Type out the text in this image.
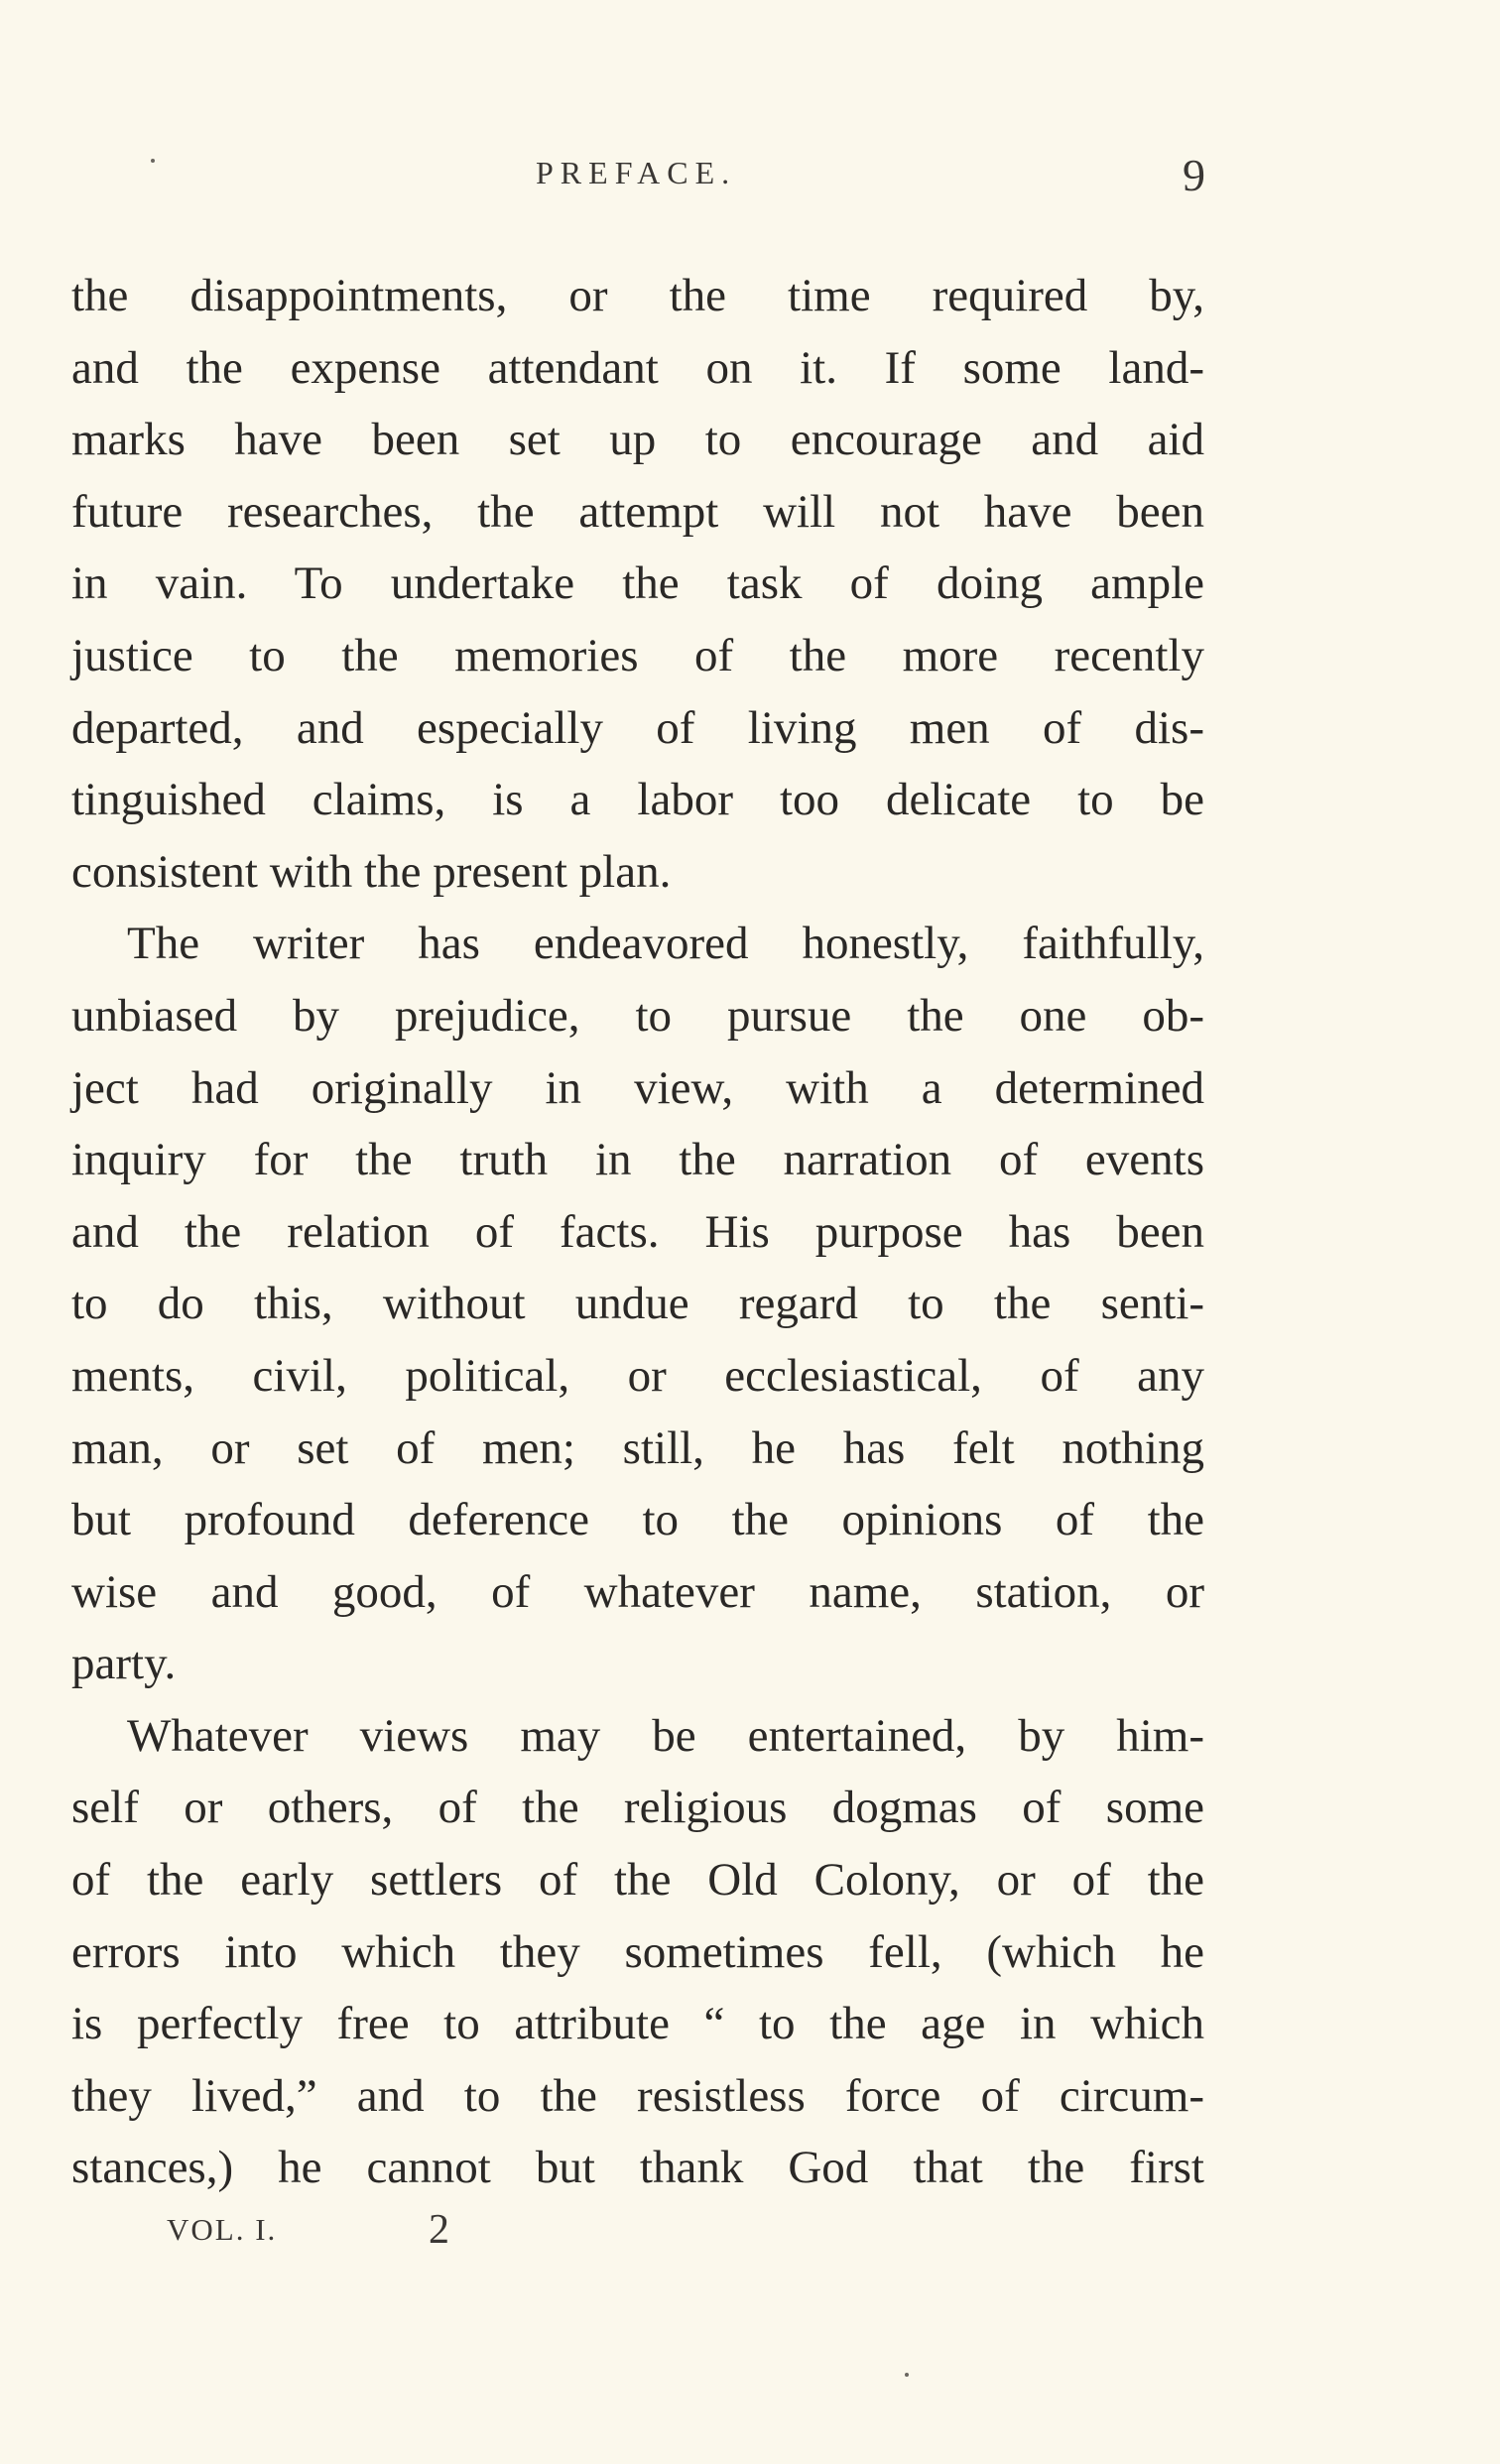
PREFACE.	9
the disappointments, or the time required by,
and the expense attendant on it. If some land-
marks have been set up to encourage and aid
future researches, the attempt will not have been
in vain. To undertake the task of doing ample
justice to the memories of the more recently
departed, and especially of living men of dis-
tinguished claims, is a labor too delicate to be
consistent with the present plan.
The writer has endeavored honestly, faithfully,
unbiased by prejudice, to pursue the one ob-
ject had originally in view, with a determined
inquiry for the truth in the narration of events
and the relation of facts. His purpose has been
to do this, without undue regard to the senti-
ments, civil, political, or ecclesiastical, of any
man, or set of men; still, he has felt nothing
but profound deference to the opinions of the
wise and good, of whatever name, station, or
party.
Whatever views may be entertained, by him-
self or others, of the religious dogmas of some
of the early settlers of the Old Colony, or of the
errors into which they sometimes fell, (which he
is perfectly free to attribute “ to the age in which
they lived,” and to the resistless force of circum-
stances,) he cannot but thank God that the first
VOL. I.	2
